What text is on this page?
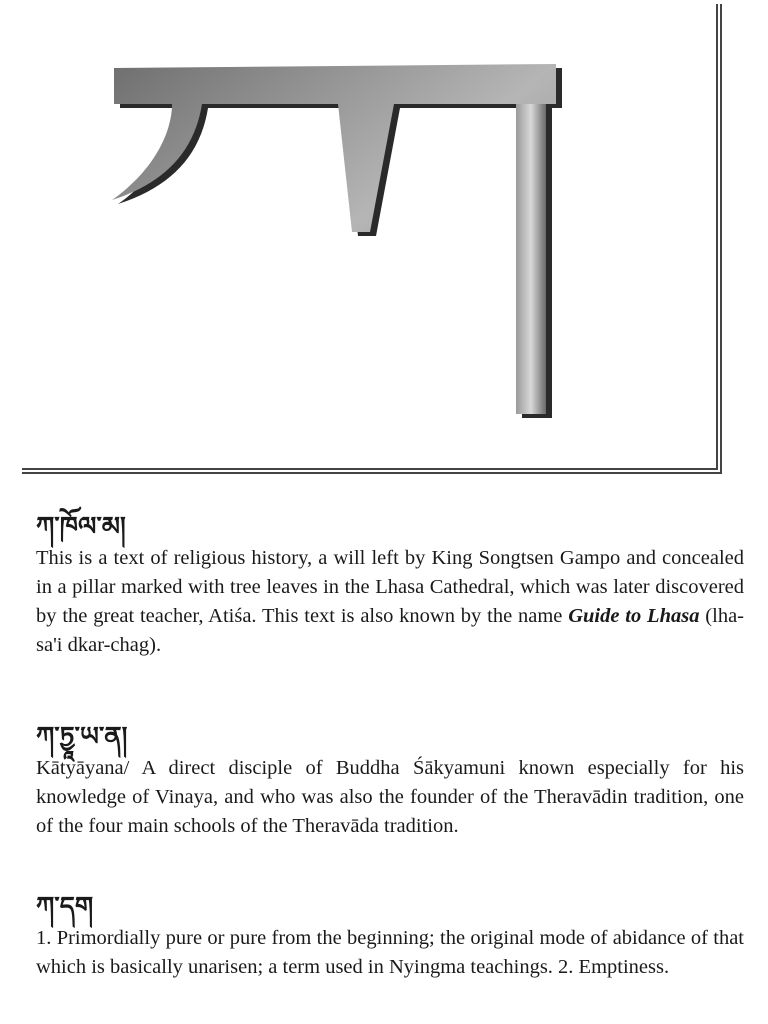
ཀ་ཁོལ་མ།

This is a text of religious history, a will left by King Songtsen Gampo and concealed in a pillar marked with tree leaves in the Lhasa Cathedral, which was later discovered by the great teacher, Atiśa. This text is also known by the name Guide to Lhasa (lha-sa'i dkar-chag).

ཀ་ཏྱཱ་ཡ་ན།

Kātyāyana/ A direct disciple of Buddha Śākyamuni known especially for his knowledge of Vinaya, and who was also the founder of the Theravādin tradition, one of the four main schools of the Theravāda tradition.

ཀ་དག

1. Primordially pure or pure from the beginning; the original mode of abidance of that which is basically unarisen; a term used in Nyingma teachings. 2. Emptiness.
